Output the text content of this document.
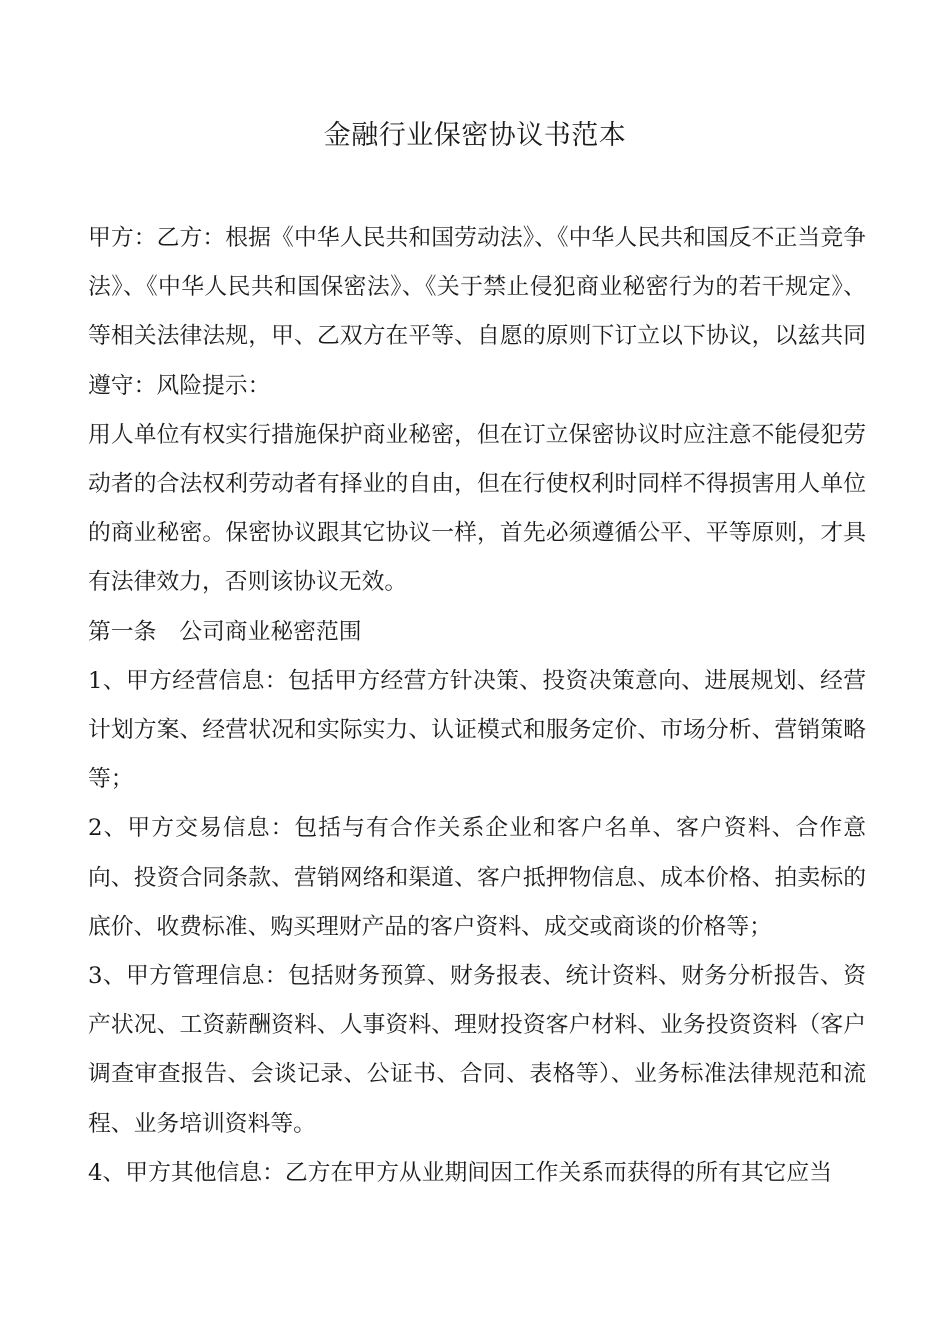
金融行业保密协议书范本

甲方：乙方：根据《中华人民共和国劳动法》、《中华人民共和国反不正当竞争法》、《中华人民共和国保密法》、《关于禁止侵犯商业秘密行为的若干规定》、等相关法律法规，甲、乙双方在平等、自愿的原则下订立以下协议，以兹共同遵守：风险提示：

用人单位有权实行措施保护商业秘密，但在订立保密协议时应注意不能侵犯劳动者的合法权利劳动者有择业的自由，但在行使权利时同样不得损害用人单位的商业秘密。保密协议跟其它协议一样，首先必须遵循公平、平等原则，才具有法律效力，否则该协议无效。

第一条　公司商业秘密范围

1、甲方经营信息：包括甲方经营方针决策、投资决策意向、进展规划、经营计划方案、经营状况和实际实力、认证模式和服务定价、市场分析、营销策略等；

2、甲方交易信息：包括与有合作关系企业和客户名单、客户资料、合作意向、投资合同条款、营销网络和渠道、客户抵押物信息、成本价格、拍卖标的底价、收费标准、购买理财产品的客户资料、成交或商谈的价格等；

3、甲方管理信息：包括财务预算、财务报表、统计资料、财务分析报告、资产状况、工资薪酬资料、人事资料、理财投资客户材料、业务投资资料（客户调查审查报告、会谈记录、公证书、合同、表格等）、业务标准法律规范和流程、业务培训资料等。

4、甲方其他信息：乙方在甲方从业期间因工作关系而获得的所有其它应当
